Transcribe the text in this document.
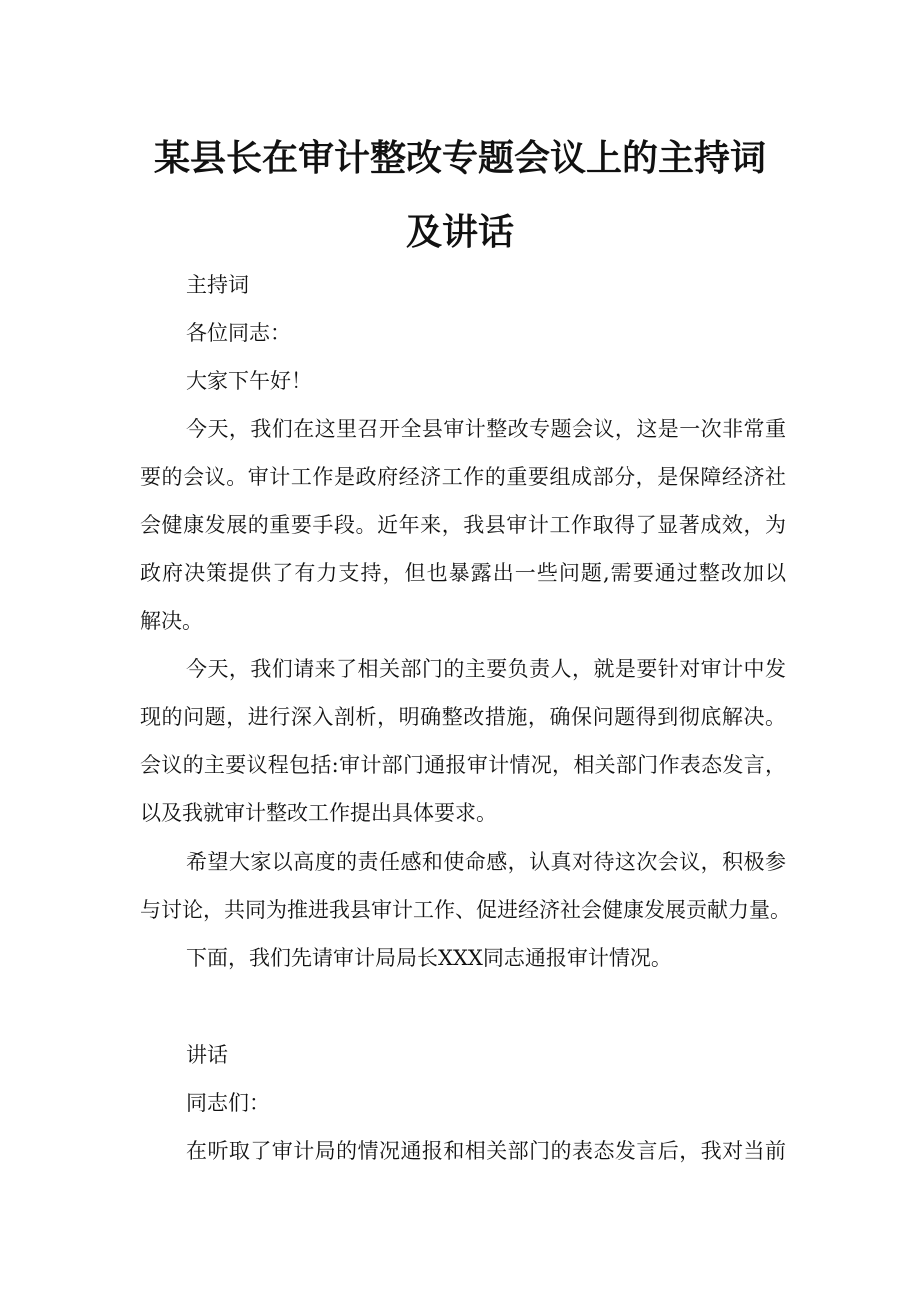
某县长在审计整改专题会议上的主持词
及讲话
主持词
各位同志：
大家下午好！
今天，我们在这里召开全县审计整改专题会议，这是一次非常重
要的会议。审计工作是政府经济工作的重要组成部分，是保障经济社
会健康发展的重要手段。近年来，我县审计工作取得了显著成效，为
政府决策提供了有力支持，但也暴露出一些问题,需要通过整改加以
解决。
今天，我们请来了相关部门的主要负责人，就是要针对审计中发
现的问题，进行深入剖析，明确整改措施，确保问题得到彻底解决。
会议的主要议程包括:审计部门通报审计情况，相关部门作表态发言，
以及我就审计整改工作提出具体要求。
希望大家以高度的责任感和使命感，认真对待这次会议，积极参
与讨论，共同为推进我县审计工作、促进经济社会健康发展贡献力量。
下面，我们先请审计局局长XXX同志通报审计情况。
讲话
同志们：
在听取了审计局的情况通报和相关部门的表态发言后，我对当前
